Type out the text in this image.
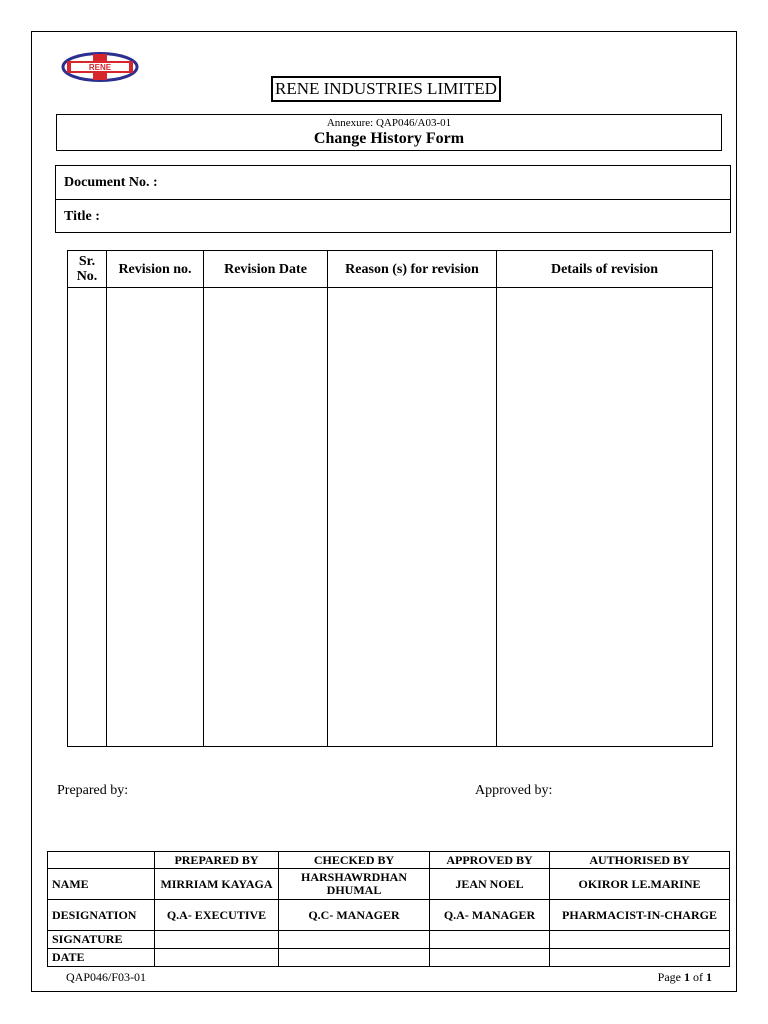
RENE
RENE INDUSTRIES LIMITED
Annexure: QAP046/A03-01
Change History Form
Document No. :
Title :
Sr. No.	Revision no.	Revision Date	Reason (s) for revision	Details of revision

Prepared by:	Approved by:
	PREPARED BY	CHECKED BY	APPROVED BY	AUTHORISED BY
NAME	MIRRIAM KAYAGA	HARSHAWRDHAN DHUMAL	JEAN NOEL	OKIROR LE.MARINE
DESIGNATION	Q.A- EXECUTIVE	Q.C- MANAGER	Q.A- MANAGER	PHARMACIST-IN-CHARGE
SIGNATURE				
DATE				
QAP046/F03-01	Page 1 of 1
